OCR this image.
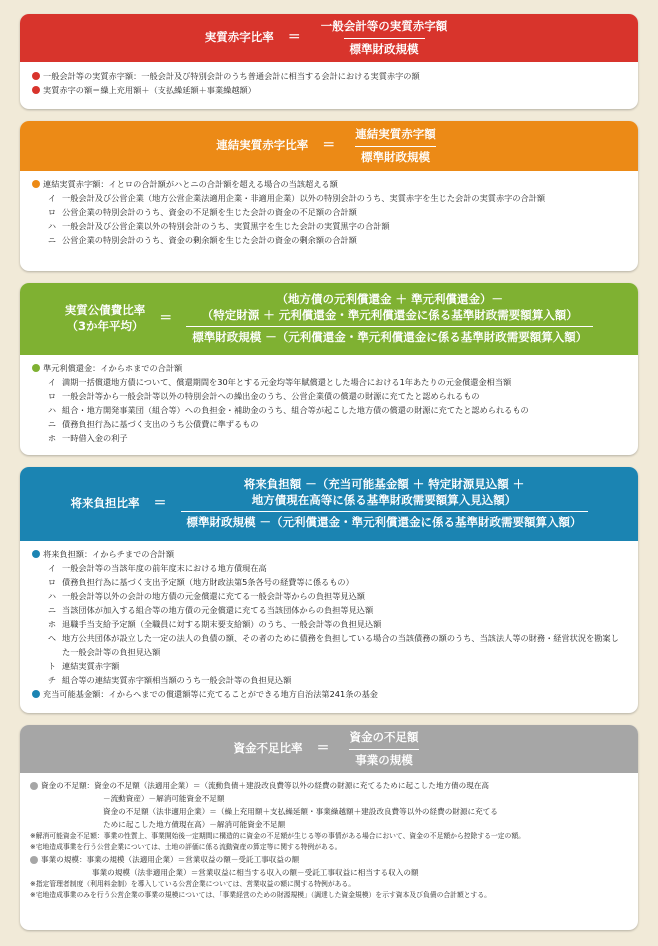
実質赤字比率 ＝ $\frac{\text{一般会計等の実質赤字額}}{\text{標準財政規模}}$
一般会計等の実質赤字額：一般会計及び特別会計のうち普通会計に相当する会計における実質赤字の額
実質赤字の額＝繰上充用額＋（支払繰延額＋事業繰越額）
連結実質赤字比率 ＝ $\frac{\text{連結実質赤字額}}{\text{標準財政規模}}$
連結実質赤字額：イとロの合計額がハとニの合計額を超える場合の当該超える額
イ 一般会計及び公営企業（地方公営企業法適用企業・非適用企業）以外の特別会計のうち、実質赤字を生じた会計の実質赤字の合計額
ロ 公営企業の特別会計のうち、資金の不足額を生じた会計の資金の不足額の合計額
ハ 一般会計及び公営企業以外の特別会計のうち、実質黒字を生じた会計の実質黒字の合計額
ニ 公営企業の特別会計のうち、資金の剰余額を生じた会計の資金の剰余額の合計額
実質公債費比率
（3か年平均） ＝
（地方債の元利償還金 ＋ 準元利償還金）－
（特定財源 ＋ 元利償還金・準元利償還金に係る基準財政需要額算入額）
標準財政規模 －（元利償還金・準元利償還金に係る基準財政需要額算入額）
準元利償還金：イからホまでの合計額
イ 満期一括償還地方債について、償還期間を30年とする元金均等年賦償還とした場合における1年あたりの元金償還金相当額
ロ 一般会計等から一般会計等以外の特別会計への繰出金のうち、公営企業債の償還の財源に充てたと認められるもの
ハ 組合・地方開発事業団（組合等）への負担金・補助金のうち、組合等が起こした地方債の償還の財源に充てたと認められるもの
ニ 債務負担行為に基づく支出のうち公債費に準ずるもの
ホ 一時借入金の利子
将来負担比率 ＝
将来負担額 －（充当可能基金額 ＋ 特定財源見込額 ＋
地方債現在高等に係る基準財政需要額算入見込額）
標準財政規模 －（元利償還金・準元利償還金に係る基準財政需要額算入額）
将来負担額：イからチまでの合計額
イ 一般会計等の当該年度の前年度末における地方債現在高
ロ 債務負担行為に基づく支出予定額（地方財政法第5条各号の経費等に係るもの）
ハ 一般会計等以外の会計の地方債の元金償還に充てる一般会計等からの負担等見込額
ニ 当該団体が加入する組合等の地方債の元金償還に充てる当該団体からの負担等見込額
ホ 退職手当支給予定額（全職員に対する期末要支給額）のうち、一般会計等の負担見込額
ヘ 地方公共団体が設立した一定の法人の負債の額、その者のために債務を負担している場合の当該債務の額のうち、当該法人等の財務・経営状況を勘案した一般会計等の負担見込額
ト 連結実質赤字額
チ 組合等の連結実質赤字額相当額のうち一般会計等の負担見込額
充当可能基金額：イからヘまでの償還額等に充てることができる地方自治法第241条の基金
資金不足比率 ＝ $\frac{\text{資金の不足額}}{\text{事業の規模}}$
資金の不足額：資金の不足額（法適用企業）＝（流動負債＋建設改良費等以外の経費の財源に充てるために起こした地方債の現在高
－流動資産）－解消可能資金不足額
資金の不足額（法非適用企業）＝（繰上充用額＋支払繰延額・事業繰越額＋建設改良費等以外の経費の財源に充てる
ために起こした地方債現在高）－解消可能資金不足額
※解消可能資金不足額：事業の性質上、事業開始後一定期間に構造的に資金の不足額が生じる等の事情がある場合において、資金の不足額から控除する一定の額。
※宅地造成事業を行う公営企業については、土地の評価に係る流動資産の算定等に関する特例がある。
事業の規模：事業の規模（法適用企業）＝営業収益の額－受託工事収益の額
事業の規模（法非適用企業）＝営業収益に相当する収入の額－受託工事収益に相当する収入の額
※指定管理者制度（利用料金制）を導入している公営企業については、営業収益の額に関する特例がある。
※宅地造成事業のみを行う公営企業の事業の規模については、「事業経営のための財源規模」（調達した資金規模）を示す資本及び負債の合計額とする。
